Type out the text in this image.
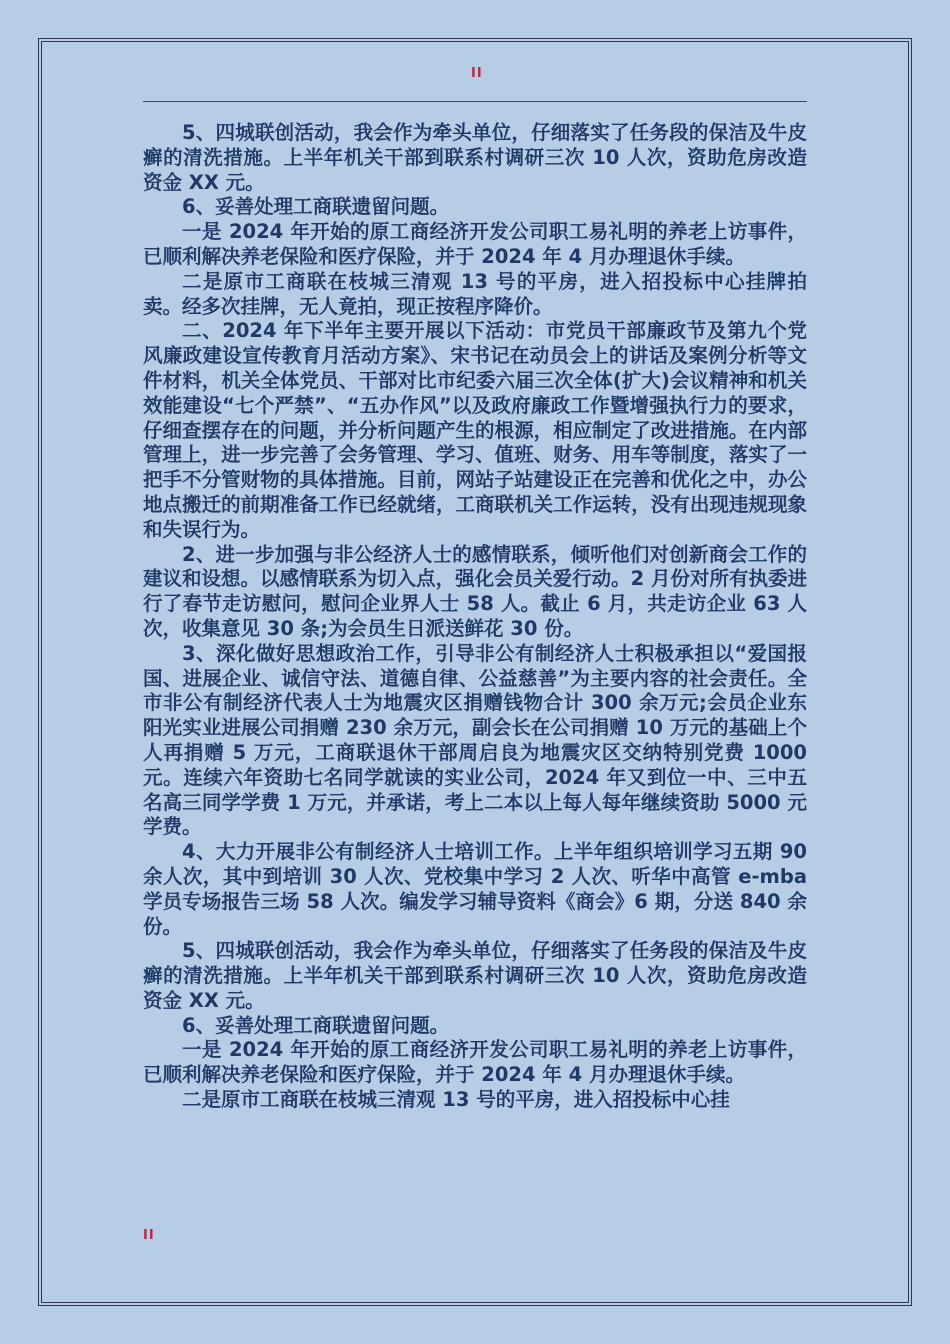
II

5、四城联创活动，我会作为牵头单位，仔细落实了任务段的保洁及牛皮癣的清洗措施。上半年机关干部到联系村调研三次 10 人次，资助危房改造资金 XX 元。

6、妥善处理工商联遗留问题。

一是 2024 年开始的原工商经济开发公司职工易礼明的养老上访事件，已顺利解决养老保险和医疗保险，并于 2024 年 4 月办理退休手续。

二是原市工商联在枝城三清观 13 号的平房，进入招投标中心挂牌拍卖。经多次挂牌，无人竟拍，现正按程序降价。

二、2024 年下半年主要开展以下活动：市党员干部廉政节及第九个党风廉政建设宣传教育月活动方案》、宋书记在动员会上的讲话及案例分析等文件材料，机关全体党员、干部对比市纪委六届三次全体(扩大)会议精神和机关效能建设“七个严禁”、“五办作风”以及政府廉政工作暨增强执行力的要求，仔细查摆存在的问题，并分析问题产生的根源，相应制定了改进措施。在内部管理上，进一步完善了会务管理、学习、值班、财务、用车等制度，落实了一把手不分管财物的具体措施。目前，网站子站建设正在完善和优化之中，办公地点搬迁的前期准备工作已经就绪，工商联机关工作运转，没有出现违规现象和失误行为。

2、进一步加强与非公经济人士的感情联系，倾听他们对创新商会工作的建议和设想。以感情联系为切入点，强化会员关爱行动。2 月份对所有执委进行了春节走访慰问，慰问企业界人士 58 人。截止 6 月，共走访企业 63 人次，收集意见 30 条;为会员生日派送鲜花 30 份。

3、深化做好思想政治工作，引导非公有制经济人士积极承担以“爱国报国、进展企业、诚信守法、道德自律、公益慈善”为主要内容的社会责任。全市非公有制经济代表人士为地震灾区捐赠钱物合计 300 余万元;会员企业东阳光实业进展公司捐赠 230 余万元，副会长在公司捐赠 10 万元的基础上个人再捐赠 5 万元，工商联退休干部周启良为地震灾区交纳特别党费 1000 元。连续六年资助七名同学就读的实业公司，2024 年又到位一中、三中五名高三同学学费 1 万元，并承诺，考上二本以上每人每年继续资助 5000 元学费。

4、大力开展非公有制经济人士培训工作。上半年组织培训学习五期 90 余人次，其中到培训 30 人次、党校集中学习 2 人次、听华中高管 e-mba 学员专场报告三场 58 人次。编发学习辅导资料《商会》6 期，分送 840 余份。

5、四城联创活动，我会作为牵头单位，仔细落实了任务段的保洁及牛皮癣的清洗措施。上半年机关干部到联系村调研三次 10 人次，资助危房改造资金 XX 元。

6、妥善处理工商联遗留问题。

一是 2024 年开始的原工商经济开发公司职工易礼明的养老上访事件，已顺利解决养老保险和医疗保险，并于 2024 年 4 月办理退休手续。

二是原市工商联在枝城三清观 13 号的平房，进入招投标中心挂

II
